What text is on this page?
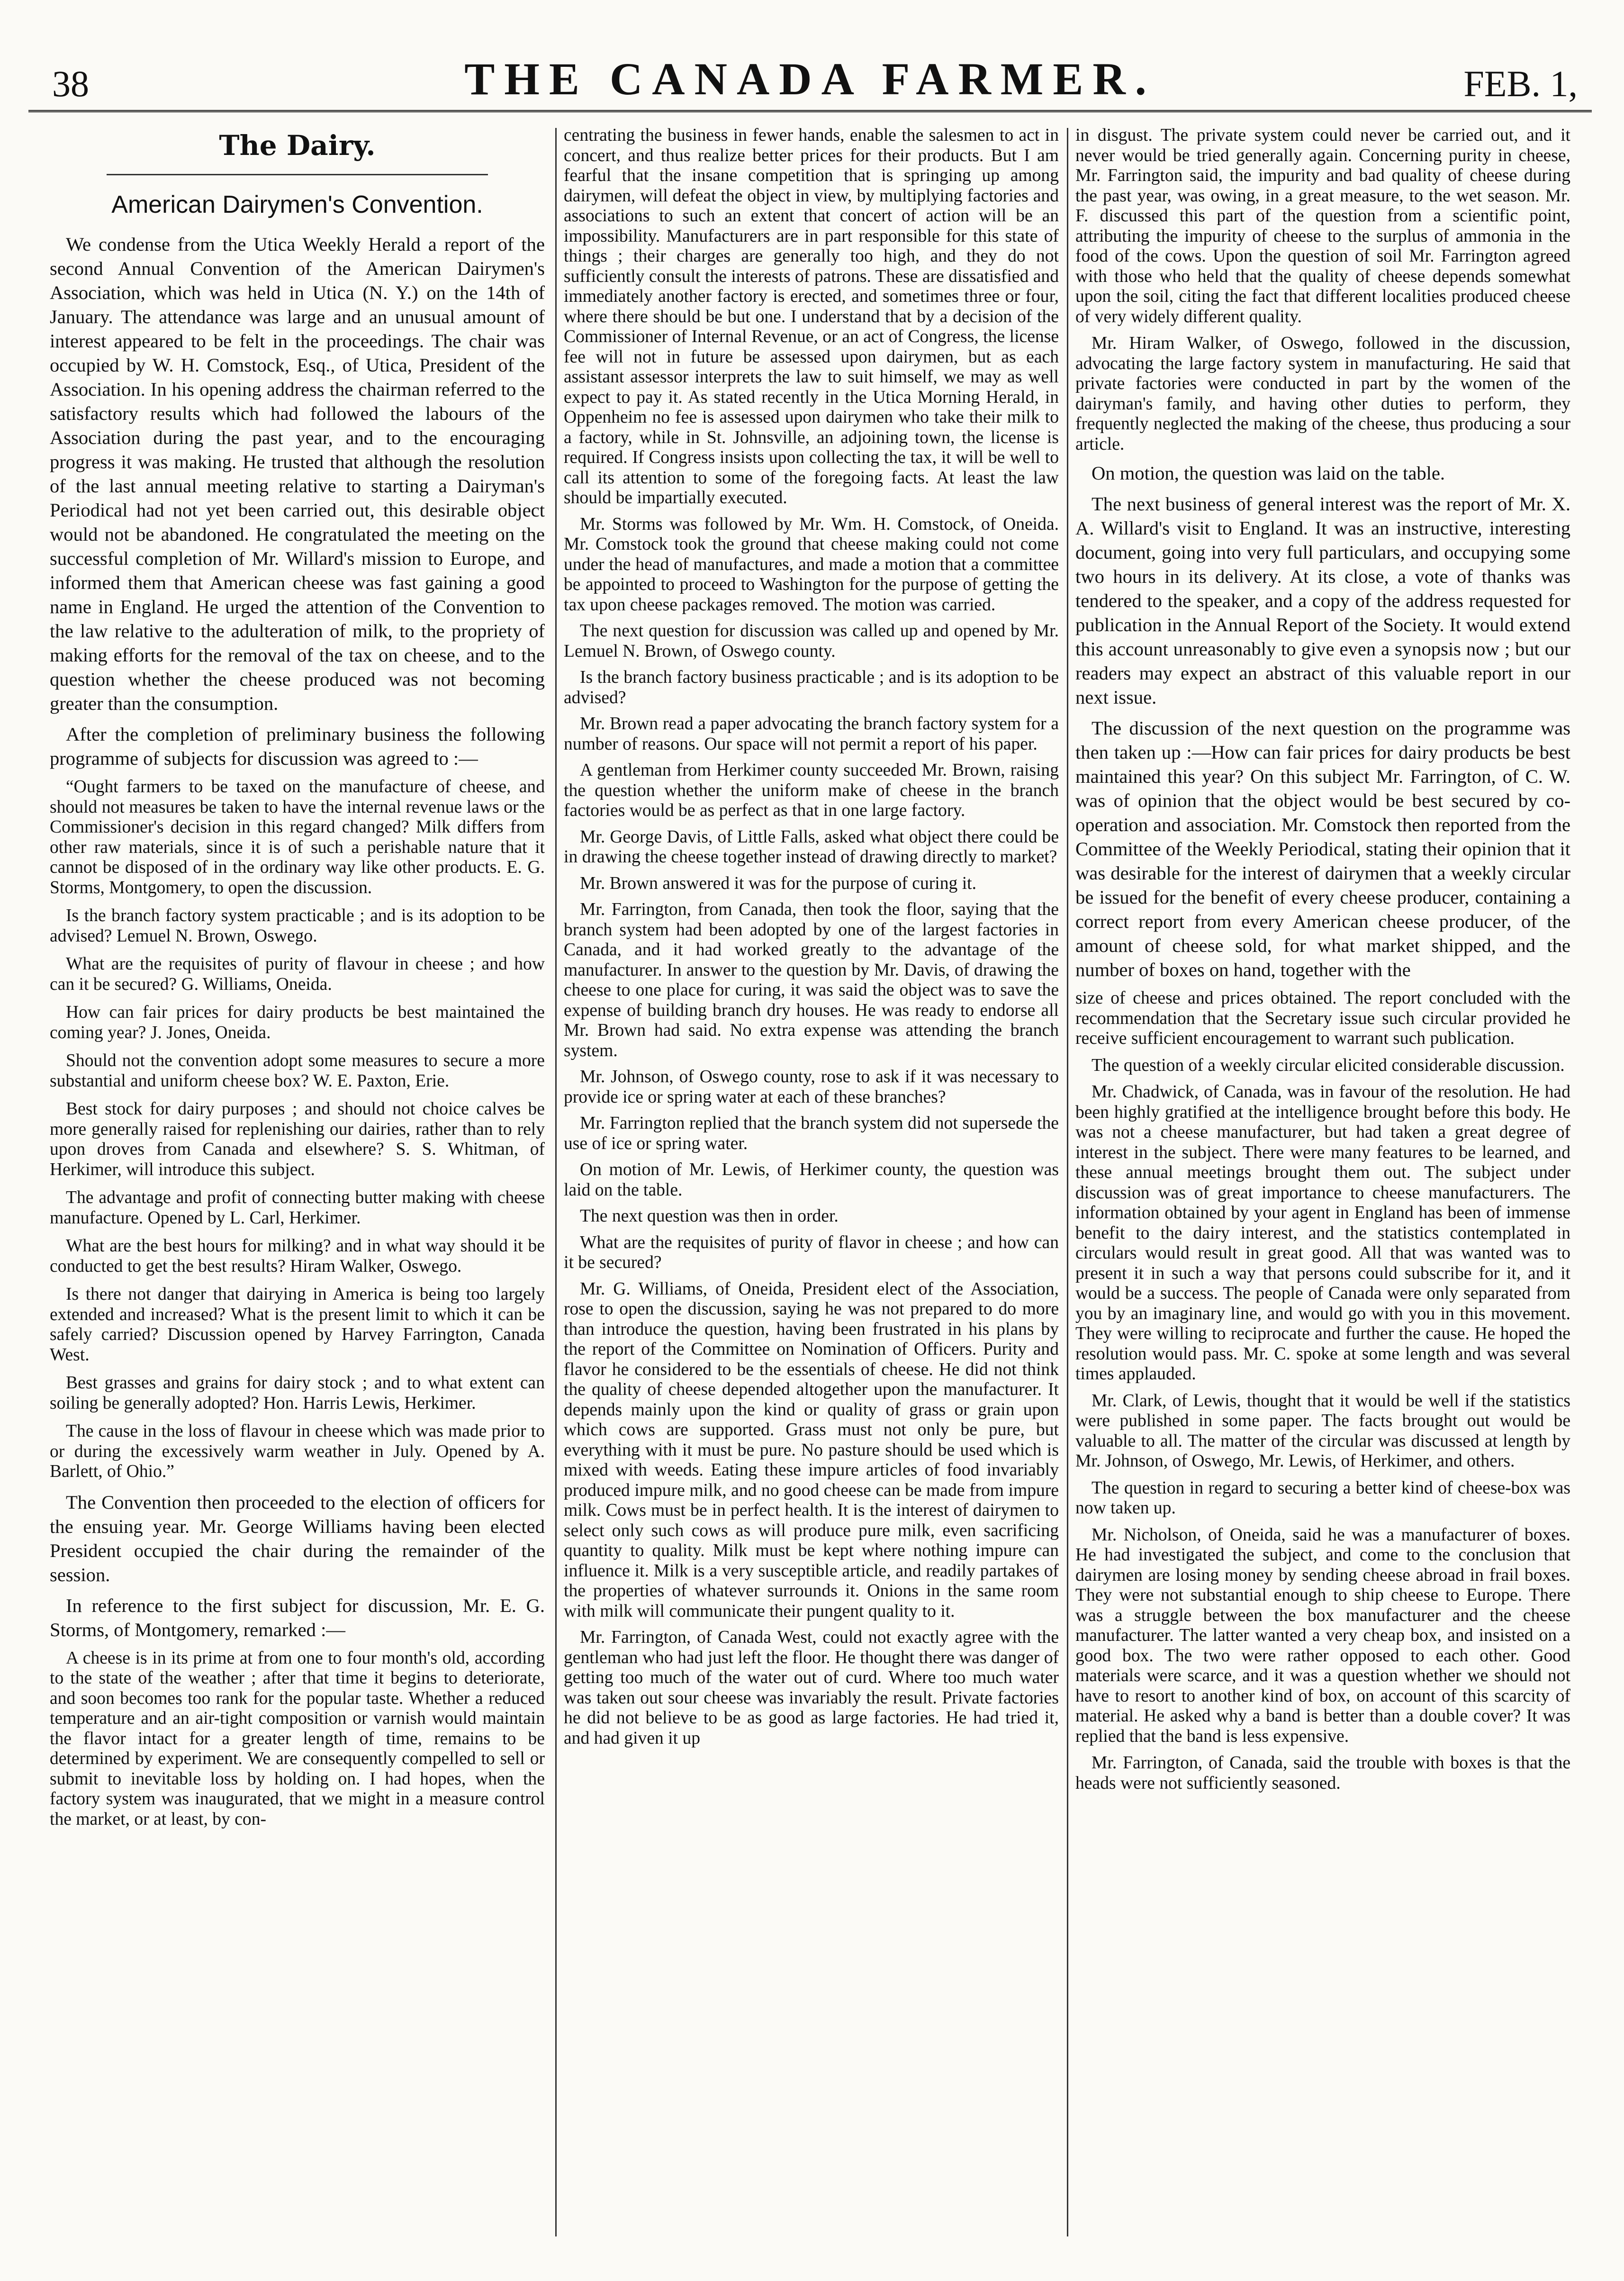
38	THE CANADA FARMER.	FEB. 1,
The Dairy.
American Dairymen's Convention.

We condense from the Utica Weekly Herald a report of the second Annual Convention of the American Dairymen's Association, which was held in Utica (N. Y.) on the 14th of January. The attendance was large and an unusual amount of interest appeared to be felt in the proceedings. The chair was occupied by W. H. Comstock, Esq., of Utica, President of the Association. In his opening address the chairman referred to the satisfactory results which had followed the labours of the Association during the past year, and to the encouraging progress it was making. He trusted that although the resolution of the last annual meeting relative to starting a Dairyman's Periodical had not yet been carried out, this desirable object would not be abandoned. He congratulated the meeting on the successful completion of Mr. Willard's mission to Europe, and informed them that American cheese was fast gaining a good name in England. He urged the attention of the Convention to the law relative to the adulteration of milk, to the propriety of making efforts for the removal of the tax on cheese, and to the question whether the cheese produced was not becoming greater than the consumption.

After the completion of preliminary business the following programme of subjects for discussion was agreed to :—

“Ought farmers to be taxed on the manufacture of cheese, and should not measures be taken to have the internal revenue laws or the Commissioner's decision in this regard changed? Milk differs from other raw materials, since it is of such a perishable nature that it cannot be disposed of in the ordinary way like other products. E. G. Storms, Montgomery, to open the discussion.

Is the branch factory system practicable ; and is its adoption to be advised? Lemuel N. Brown, Oswego.

What are the requisites of purity of flavour in cheese ; and how can it be secured? G. Williams, Oneida.

How can fair prices for dairy products be best maintained the coming year? J. Jones, Oneida.

Should not the convention adopt some measures to secure a more substantial and uniform cheese box? W. E. Paxton, Erie.

Best stock for dairy purposes ; and should not choice calves be more generally raised for replenishing our dairies, rather than to rely upon droves from Canada and elsewhere? S. S. Whitman, of Herkimer, will introduce this subject.

The advantage and profit of connecting butter making with cheese manufacture. Opened by L. Carl, Herkimer.

What are the best hours for milking? and in what way should it be conducted to get the best results? Hiram Walker, Oswego.

Is there not danger that dairying in America is being too largely extended and increased? What is the present limit to which it can be safely carried? Discussion opened by Harvey Farrington, Canada West.

Best grasses and grains for dairy stock ; and to what extent can soiling be generally adopted? Hon. Harris Lewis, Herkimer.

The cause in the loss of flavour in cheese which was made prior to or during the excessively warm weather in July. Opened by A. Barlett, of Ohio.”

The Convention then proceeded to the election of officers for the ensuing year. Mr. George Williams having been elected President occupied the chair during the remainder of the session.

In reference to the first subject for discussion, Mr. E. G. Storms, of Montgomery, remarked :—

A cheese is in its prime at from one to four month's old, according to the state of the weather ; after that time it begins to deteriorate, and soon becomes too rank for the popular taste. Whether a reduced temperature and an air-tight composition or varnish would maintain the flavor intact for a greater length of time, remains to be determined by experiment. We are consequently compelled to sell or submit to inevitable loss by holding on. I had hopes, when the factory system was inaugurated, that we might in a measure control the market, or at least, by con-

centrating the business in fewer hands, enable the salesmen to act in concert, and thus realize better prices for their products. But I am fearful that the insane competition that is springing up among dairymen, will defeat the object in view, by multiplying factories and associations to such an extent that concert of action will be an impossibility. Manufacturers are in part responsible for this state of things ; their charges are generally too high, and they do not sufficiently consult the interests of patrons. These are dissatisfied and immediately another factory is erected, and sometimes three or four, where there should be but one. I understand that by a decision of the Commissioner of Internal Revenue, or an act of Congress, the license fee will not in future be assessed upon dairymen, but as each assistant assessor interprets the law to suit himself, we may as well expect to pay it. As stated recently in the Utica Morning Herald, in Oppenheim no fee is assessed upon dairymen who take their milk to a factory, while in St. Johnsville, an adjoining town, the license is required. If Congress insists upon collecting the tax, it will be well to call its attention to some of the foregoing facts. At least the law should be impartially executed.

Mr. Storms was followed by Mr. Wm. H. Comstock, of Oneida. Mr. Comstock took the ground that cheese making could not come under the head of manufactures, and made a motion that a committee be appointed to proceed to Washington for the purpose of getting the tax upon cheese packages removed. The motion was carried.

The next question for discussion was called up and opened by Mr. Lemuel N. Brown, of Oswego county.

Is the branch factory business practicable ; and is its adoption to be advised?

Mr. Brown read a paper advocating the branch factory system for a number of reasons. Our space will not permit a report of his paper.

A gentleman from Herkimer county succeeded Mr. Brown, raising the question whether the uniform make of cheese in the branch factories would be as perfect as that in one large factory.

Mr. George Davis, of Little Falls, asked what object there could be in drawing the cheese together instead of drawing directly to market?

Mr. Brown answered it was for the purpose of curing it.

Mr. Farrington, from Canada, then took the floor, saying that the branch system had been adopted by one of the largest factories in Canada, and it had worked greatly to the advantage of the manufacturer. In answer to the question by Mr. Davis, of drawing the cheese to one place for curing, it was said the object was to save the expense of building branch dry houses. He was ready to endorse all Mr. Brown had said. No extra expense was attending the branch system.

Mr. Johnson, of Oswego county, rose to ask if it was necessary to provide ice or spring water at each of these branches?

Mr. Farrington replied that the branch system did not supersede the use of ice or spring water.

On motion of Mr. Lewis, of Herkimer county, the question was laid on the table.

The next question was then in order.

What are the requisites of purity of flavor in cheese ; and how can it be secured?

Mr. G. Williams, of Oneida, President elect of the Association, rose to open the discussion, saying he was not prepared to do more than introduce the question, having been frustrated in his plans by the report of the Committee on Nomination of Officers. Purity and flavor he considered to be the essentials of cheese. He did not think the quality of cheese depended altogether upon the manufacturer. It depends mainly upon the kind or quality of grass or grain upon which cows are supported. Grass must not only be pure, but everything with it must be pure. No pasture should be used which is mixed with weeds. Eating these impure articles of food invariably produced impure milk, and no good cheese can be made from impure milk. Cows must be in perfect health. It is the interest of dairymen to select only such cows as will produce pure milk, even sacrificing quantity to quality. Milk must be kept where nothing impure can influence it. Milk is a very susceptible article, and readily partakes of the properties of whatever surrounds it. Onions in the same room with milk will communicate their pungent quality to it.

Mr. Farrington, of Canada West, could not exactly agree with the gentleman who had just left the floor. He thought there was danger of getting too much of the water out of curd. Where too much water was taken out sour cheese was invariably the result. Private factories he did not believe to be as good as large factories. He had tried it, and had given it up

in disgust. The private system could never be carried out, and it never would be tried generally again. Concerning purity in cheese, Mr. Farrington said, the impurity and bad quality of cheese during the past year, was owing, in a great measure, to the wet season. Mr. F. discussed this part of the question from a scientific point, attributing the impurity of cheese to the surplus of ammonia in the food of the cows. Upon the question of soil Mr. Farrington agreed with those who held that the quality of cheese depends somewhat upon the soil, citing the fact that different localities produced cheese of very widely different quality.

Mr. Hiram Walker, of Oswego, followed in the discussion, advocating the large factory system in manufacturing. He said that private factories were conducted in part by the women of the dairyman's family, and having other duties to perform, they frequently neglected the making of the cheese, thus producing a sour article.

On motion, the question was laid on the table.

The next business of general interest was the report of Mr. X. A. Willard's visit to England. It was an instructive, interesting document, going into very full particulars, and occupying some two hours in its delivery. At its close, a vote of thanks was tendered to the speaker, and a copy of the address requested for publication in the Annual Report of the Society. It would extend this account unreasonably to give even a synopsis now ; but our readers may expect an abstract of this valuable report in our next issue.

The discussion of the next question on the programme was then taken up :—How can fair prices for dairy products be best maintained this year? On this subject Mr. Farrington, of C. W. was of opinion that the object would be best secured by co-operation and association. Mr. Comstock then reported from the Committee of the Weekly Periodical, stating their opinion that it was desirable for the interest of dairymen that a weekly circular be issued for the benefit of every cheese producer, containing a correct report from every American cheese producer, of the amount of cheese sold, for what market shipped, and the number of boxes on hand, together with the

size of cheese and prices obtained. The report concluded with the recommendation that the Secretary issue such circular provided he receive sufficient encouragement to warrant such publication.

The question of a weekly circular elicited considerable discussion.

Mr. Chadwick, of Canada, was in favour of the resolution. He had been highly gratified at the intelligence brought before this body. He was not a cheese manufacturer, but had taken a great degree of interest in the subject. There were many features to be learned, and these annual meetings brought them out. The subject under discussion was of great importance to cheese manufacturers. The information obtained by your agent in England has been of immense benefit to the dairy interest, and the statistics contemplated in circulars would result in great good. All that was wanted was to present it in such a way that persons could subscribe for it, and it would be a success. The people of Canada were only separated from you by an imaginary line, and would go with you in this movement. They were willing to reciprocate and further the cause. He hoped the resolution would pass. Mr. C. spoke at some length and was several times applauded.

Mr. Clark, of Lewis, thought that it would be well if the statistics were published in some paper. The facts brought out would be valuable to all. The matter of the circular was discussed at length by Mr. Johnson, of Oswego, Mr. Lewis, of Herkimer, and others.

The question in regard to securing a better kind of cheese-box was now taken up.

Mr. Nicholson, of Oneida, said he was a manufacturer of boxes. He had investigated the subject, and come to the conclusion that dairymen are losing money by sending cheese abroad in frail boxes. They were not substantial enough to ship cheese to Europe. There was a struggle between the box manufacturer and the cheese manufacturer. The latter wanted a very cheap box, and insisted on a good box. The two were rather opposed to each other. Good materials were scarce, and it was a question whether we should not have to resort to another kind of box, on account of this scarcity of material. He asked why a band is better than a double cover? It was replied that the band is less expensive.

Mr. Farrington, of Canada, said the trouble with boxes is that the heads were not sufficiently seasoned.
